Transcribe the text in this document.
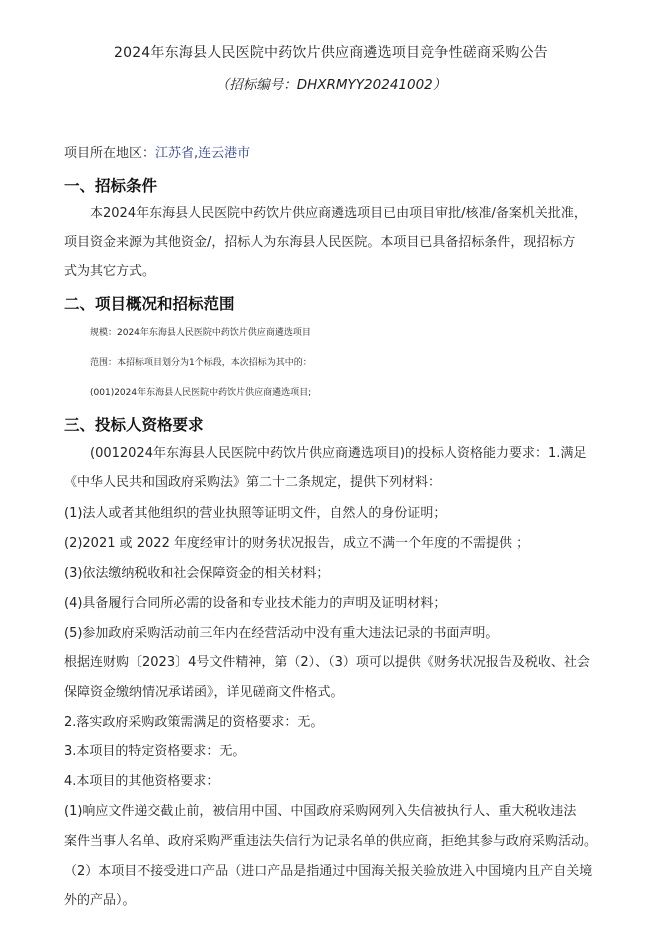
2024年东海县人民医院中药饮片供应商遴选项目竞争性磋商采购公告
（招标编号：DHXRMYY20241002）
项目所在地区：江苏省,连云港市
一、招标条件
本2024年东海县人民医院中药饮片供应商遴选项目已由项目审批/核准/备案机关批准，
项目资金来源为其他资金/，招标人为东海县人民医院。本项目已具备招标条件，现招标方
式为其它方式。
二、项目概况和招标范围
规模：2024年东海县人民医院中药饮片供应商遴选项目
范围：本招标项目划分为1个标段，本次招标为其中的：
(001)2024年东海县人民医院中药饮片供应商遴选项目;
三、投标人资格要求
(0012024年东海县人民医院中药饮片供应商遴选项目)的投标人资格能力要求：1.满足
《中华人民共和国政府采购法》第二十二条规定，提供下列材料：
(1)法人或者其他组织的营业执照等证明文件，自然人的身份证明；
(2)2021 或 2022 年度经审计的财务状况报告，成立不满一个年度的不需提供 ；
(3)依法缴纳税收和社会保障资金的相关材料；
(4)具备履行合同所必需的设备和专业技术能力的声明及证明材料；
(5)参加政府采购活动前三年内在经营活动中没有重大违法记录的书面声明。
根据连财购〔2023〕4号文件精神，第（2）、（3）项可以提供《财务状况报告及税收、社会
保障资金缴纳情况承诺函》，详见磋商文件格式。
2.落实政府采购政策需满足的资格要求：无。
3.本项目的特定资格要求：无。
4.本项目的其他资格要求：
(1)响应文件递交截止前，被信用中国、中国政府采购网列入失信被执行人、重大税收违法
案件当事人名单、政府采购严重违法失信行为记录名单的供应商，拒绝其参与政府采购活动。
（2）本项目不接受进口产品（进口产品是指通过中国海关报关验放进入中国境内且产自关境
外的产品）。
